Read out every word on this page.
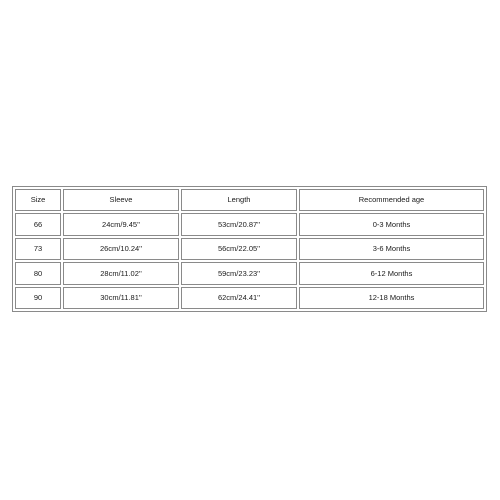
Size	Sleeve	Length	Recommended age
66	24cm/9.45''	53cm/20.87''	0-3 Months
73	26cm/10.24''	56cm/22.05''	3-6 Months
80	28cm/11.02''	59cm/23.23''	6-12 Months
90	30cm/11.81''	62cm/24.41''	12-18 Months
